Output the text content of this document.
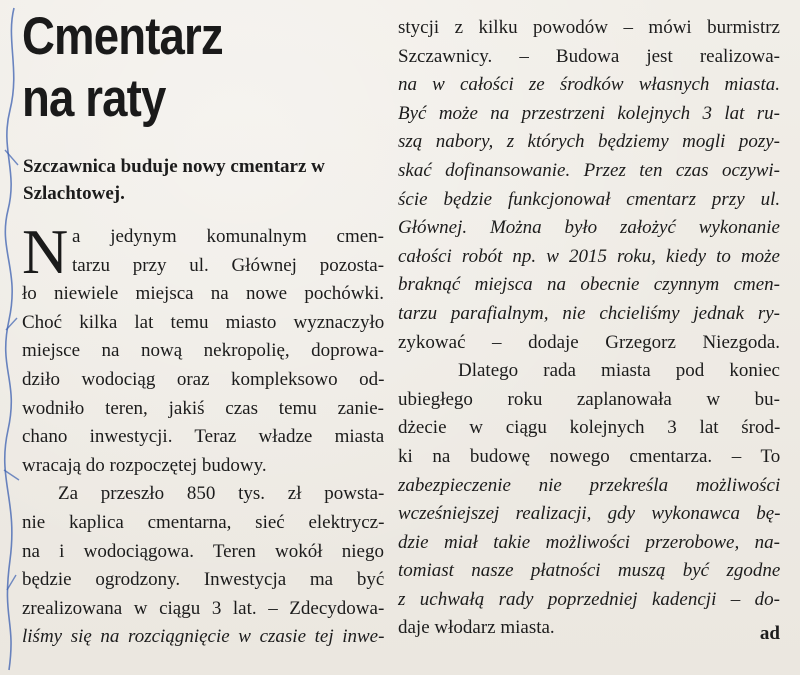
Cmentarz
na raty
Szczawnica buduje nowy cmentarz w Szlachtowej.
N a jedynym komunalnym cmen-
tarzu przy ul. Głównej pozosta-
ło niewiele miejsca na nowe pochówki.
Choć kilka lat temu miasto wyznaczyło
miejsce na nową nekropolię, doprowa-
dziło wodociąg oraz kompleksowo od-
wodniło teren, jakiś czas temu zanie-
chano inwestycji. Teraz władze miasta
wracają do rozpoczętej budowy.
Za przeszło 850 tys. zł powsta-
nie kaplica cmentarna, sieć elektrycz-
na i wodociągowa. Teren wokół niego
będzie ogrodzony. Inwestycja ma być
zrealizowana w ciągu 3 lat. – Zdecydowa-
liśmy się na rozciągnięcie w czasie tej inwe-
stycji z kilku powodów – mówi burmistrz
Szczawnicy. – Budowa jest realizowa-
na w całości ze środków własnych miasta.
Być może na przestrzeni kolejnych 3 lat ru-
szą nabory, z których będziemy mogli pozy-
skać dofinansowanie. Przez ten czas oczywi-
ście będzie funkcjonował cmentarz przy ul.
Głównej. Można było założyć wykonanie
całości robót np. w 2015 roku, kiedy to może
braknąć miejsca na obecnie czynnym cmen-
tarzu parafialnym, nie chcieliśmy jednak ry-
zykować – dodaje Grzegorz Niezgoda.
Dlatego rada miasta pod koniec
ubiegłego roku zaplanowała w bu-
dżecie w ciągu kolejnych 3 lat środ-
ki na budowę nowego cmentarza. – To
zabezpieczenie nie przekreśla możliwości
wcześniejszej realizacji, gdy wykonawca bę-
dzie miał takie możliwości przerobowe, na-
tomiast nasze płatności muszą być zgodne
z uchwałą rady poprzedniej kadencji – do-
daje włodarz miasta.	ad
